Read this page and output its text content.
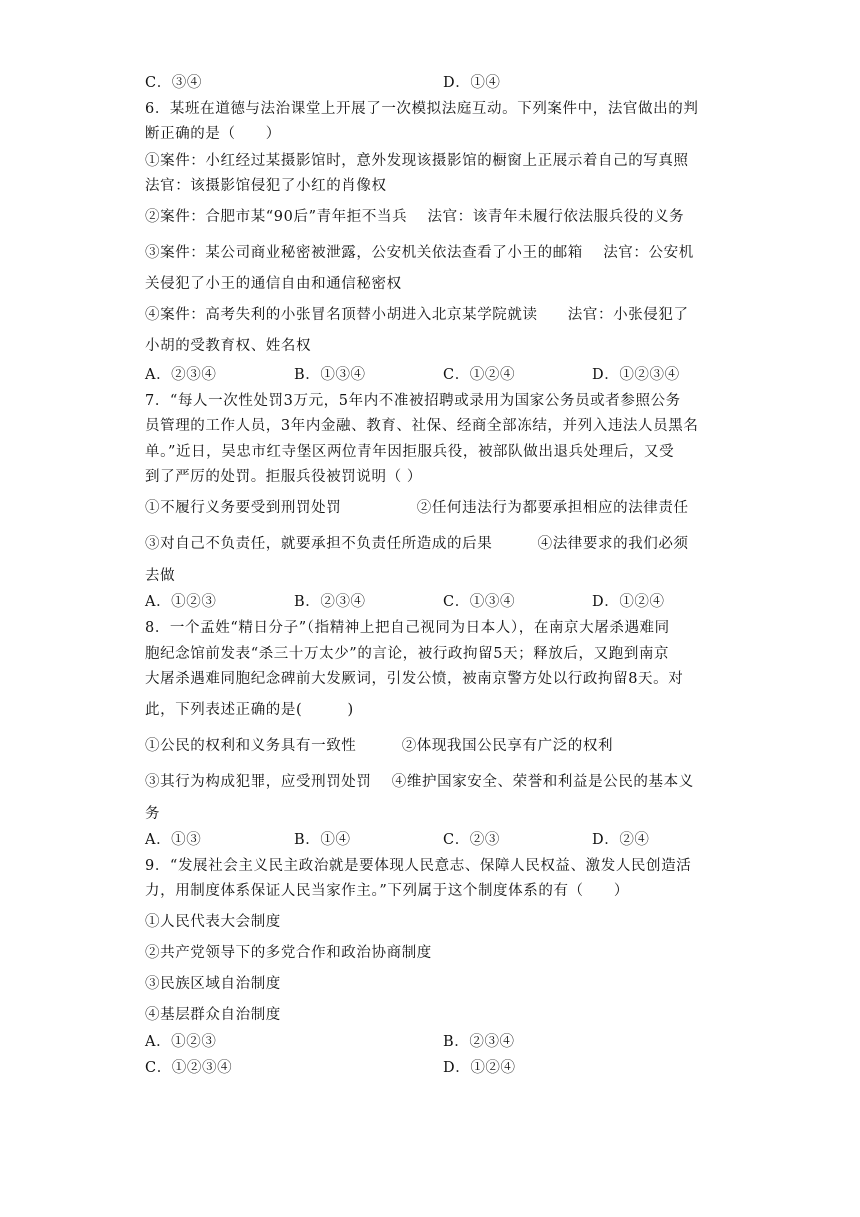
C．③④	D．①④
6．某班在道德与法治课堂上开展了一次模拟法庭互动。下列案件中，法官做出的判
断正确的是（　　）
①案件：小红经过某摄影馆时，意外发现该摄影馆的橱窗上正展示着自己的写真照
法官：该摄影馆侵犯了小红的肖像权
②案件：合肥市某“90后”青年拒不当兵　 法官：该青年未履行依法服兵役的义务
③案件：某公司商业秘密被泄露，公安机关依法查看了小王的邮箱　 法官：公安机
关侵犯了小王的通信自由和通信秘密权
④案件：高考失利的小张冒名顶替小胡进入北京某学院就读　　法官：小张侵犯了
小胡的受教育权、姓名权
A．②③④	B．①③④	C．①②④	D．①②③④
7．“每人一次性处罚3万元，5年内不准被招聘或录用为国家公务员或者参照公务
员管理的工作人员，3年内金融、教育、社保、经商全部冻结，并列入违法人员黑名
单。”近日，吴忠市红寺堡区两位青年因拒服兵役，被部队做出退兵处理后，又受
到了严厉的处罚。拒服兵役被罚说明（ ）
①不履行义务要受到刑罚处罚　　　　　②任何违法行为都要承担相应的法律责任
③对自己不负责任，就要承担不负责任所造成的后果　　　④法律要求的我们必须
去做
A．①②③	B．②③④	C．①③④	D．①②④
8．一个孟姓“精日分子”（指精神上把自己视同为日本人），在南京大屠杀遇难同
胞纪念馆前发表“杀三十万太少”的言论，被行政拘留5天；释放后，又跑到南京
大屠杀遇难同胞纪念碑前大发厥词，引发公愤，被南京警方处以行政拘留8天。对
此，下列表述正确的是(　　　)
①公民的权利和义务具有一致性　　　②体现我国公民享有广泛的权利
③其行为构成犯罪，应受刑罚处罚　 ④维护国家安全、荣誉和利益是公民的基本义
务
A．①③	B．①④	C．②③	D．②④
9．“发展社会主义民主政治就是要体现人民意志、保障人民权益、激发人民创造活
力，用制度体系保证人民当家作主。”下列属于这个制度体系的有（　　）
①人民代表大会制度
②共产党领导下的多党合作和政治协商制度
③民族区域自治制度
④基层群众自治制度
A．①②③	B．②③④
C．①②③④	D．①②④
